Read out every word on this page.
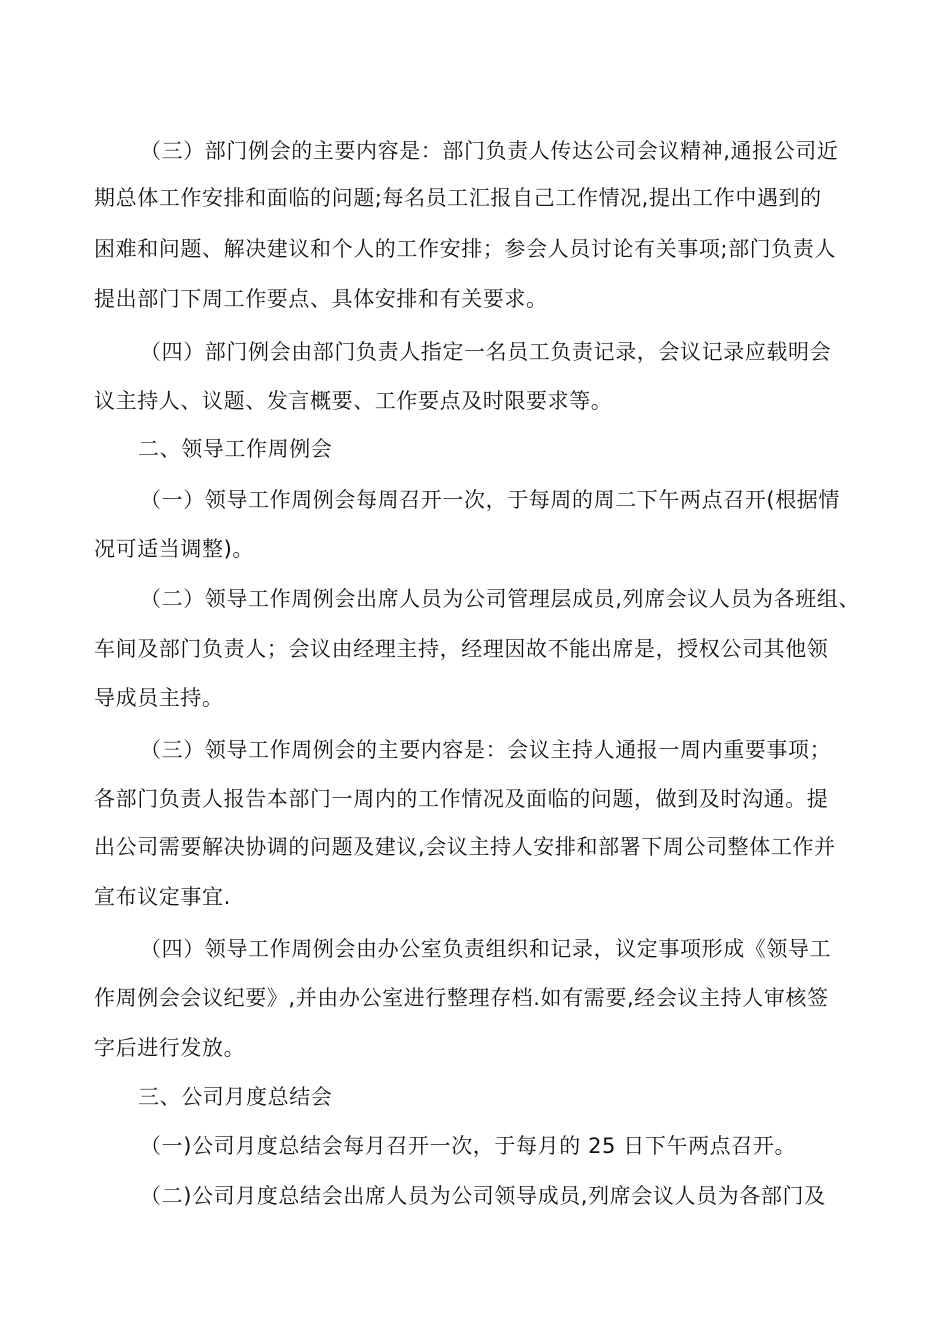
（三）部门例会的主要内容是：部门负责人传达公司会议精神,通报公司近
期总体工作安排和面临的问题;每名员工汇报自己工作情况,提出工作中遇到的
困难和问题、解决建议和个人的工作安排；参会人员讨论有关事项;部门负责人
提出部门下周工作要点、具体安排和有关要求。
（四）部门例会由部门负责人指定一名员工负责记录，会议记录应载明会
议主持人、议题、发言概要、工作要点及时限要求等。
二、领导工作周例会
（一）领导工作周例会每周召开一次，于每周的周二下午两点召开(根据情
况可适当调整)。
（二）领导工作周例会出席人员为公司管理层成员,列席会议人员为各班组、
车间及部门负责人；会议由经理主持，经理因故不能出席是，授权公司其他领
导成员主持。
（三）领导工作周例会的主要内容是：会议主持人通报一周内重要事项；
各部门负责人报告本部门一周内的工作情况及面临的问题，做到及时沟通。提
出公司需要解决协调的问题及建议,会议主持人安排和部署下周公司整体工作并
宣布议定事宜.
（四）领导工作周例会由办公室负责组织和记录，议定事项形成《领导工
作周例会会议纪要》,并由办公室进行整理存档.如有需要,经会议主持人审核签
字后进行发放。
三、公司月度总结会
（一)公司月度总结会每月召开一次，于每月的 25 日下午两点召开。
（二)公司月度总结会出席人员为公司领导成员,列席会议人员为各部门及
